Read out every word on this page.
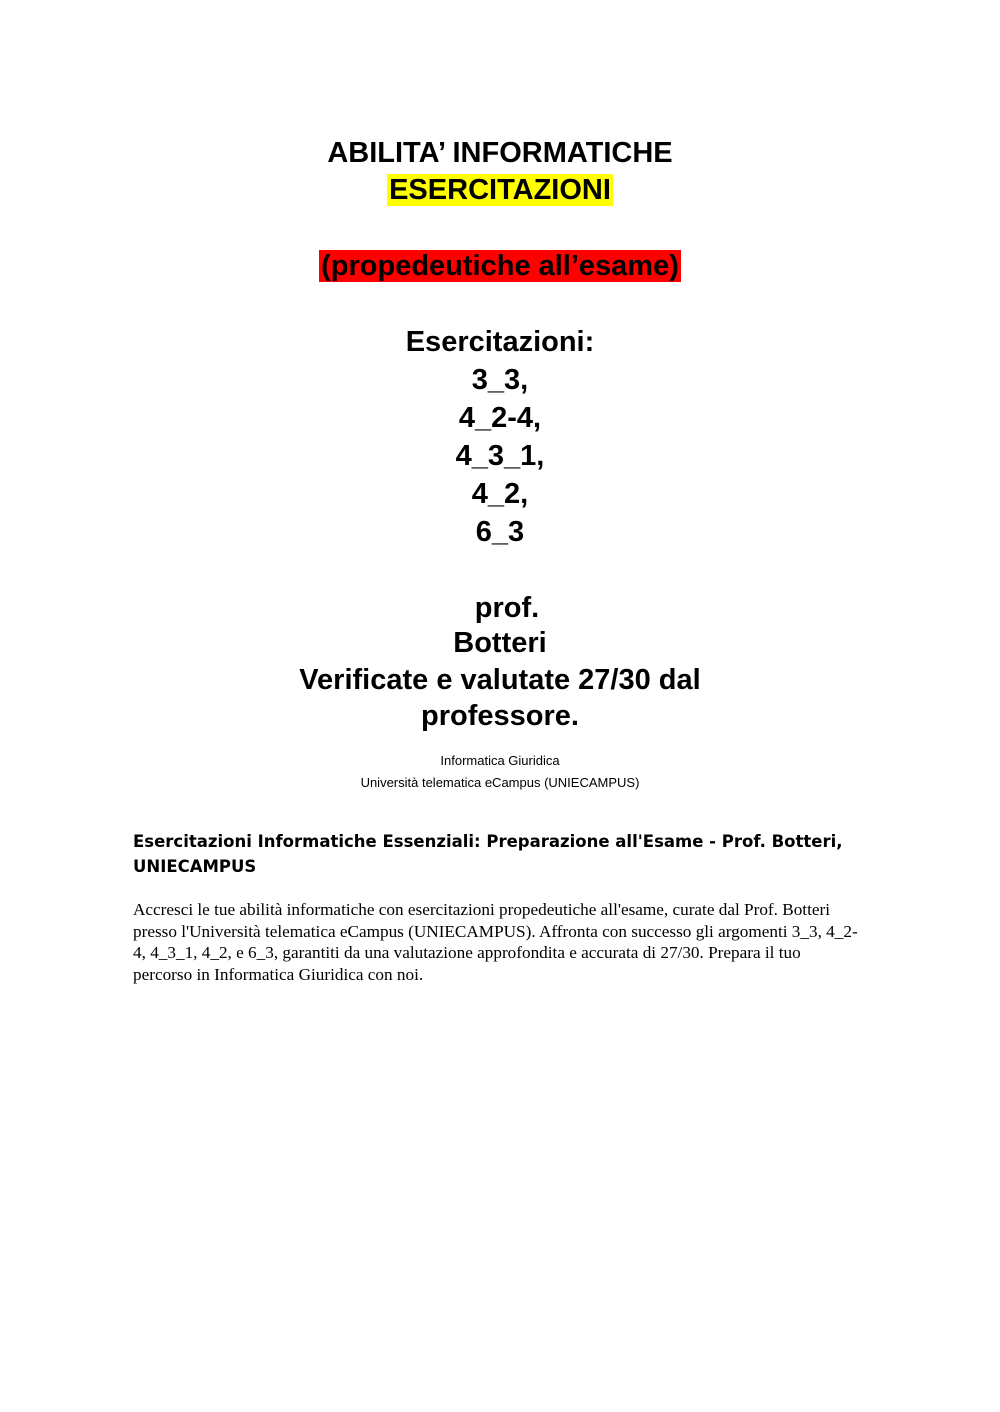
ABILITA’ INFORMATICHE
ESERCITAZIONI
(propedeutiche all’esame)
Esercitazioni:
3_3,
4_2-4,
4_3_1,
4_2,
6_3
prof.
Botteri
Verificate e valutate 27/30 dal
professore.
Informatica Giuridica
Università telematica eCampus (UNIECAMPUS)
Esercitazioni Informatiche Essenziali: Preparazione all'Esame - Prof. Botteri, UNIECAMPUS
Accresci le tue abilità informatiche con esercitazioni propedeutiche all'esame, curate dal Prof. Botteri presso l'Università telematica eCampus (UNIECAMPUS). Affronta con successo gli argomenti 3_3, 4_2-4, 4_3_1, 4_2, e 6_3, garantiti da una valutazione approfondita e accurata di 27/30. Prepara il tuo percorso in Informatica Giuridica con noi.
